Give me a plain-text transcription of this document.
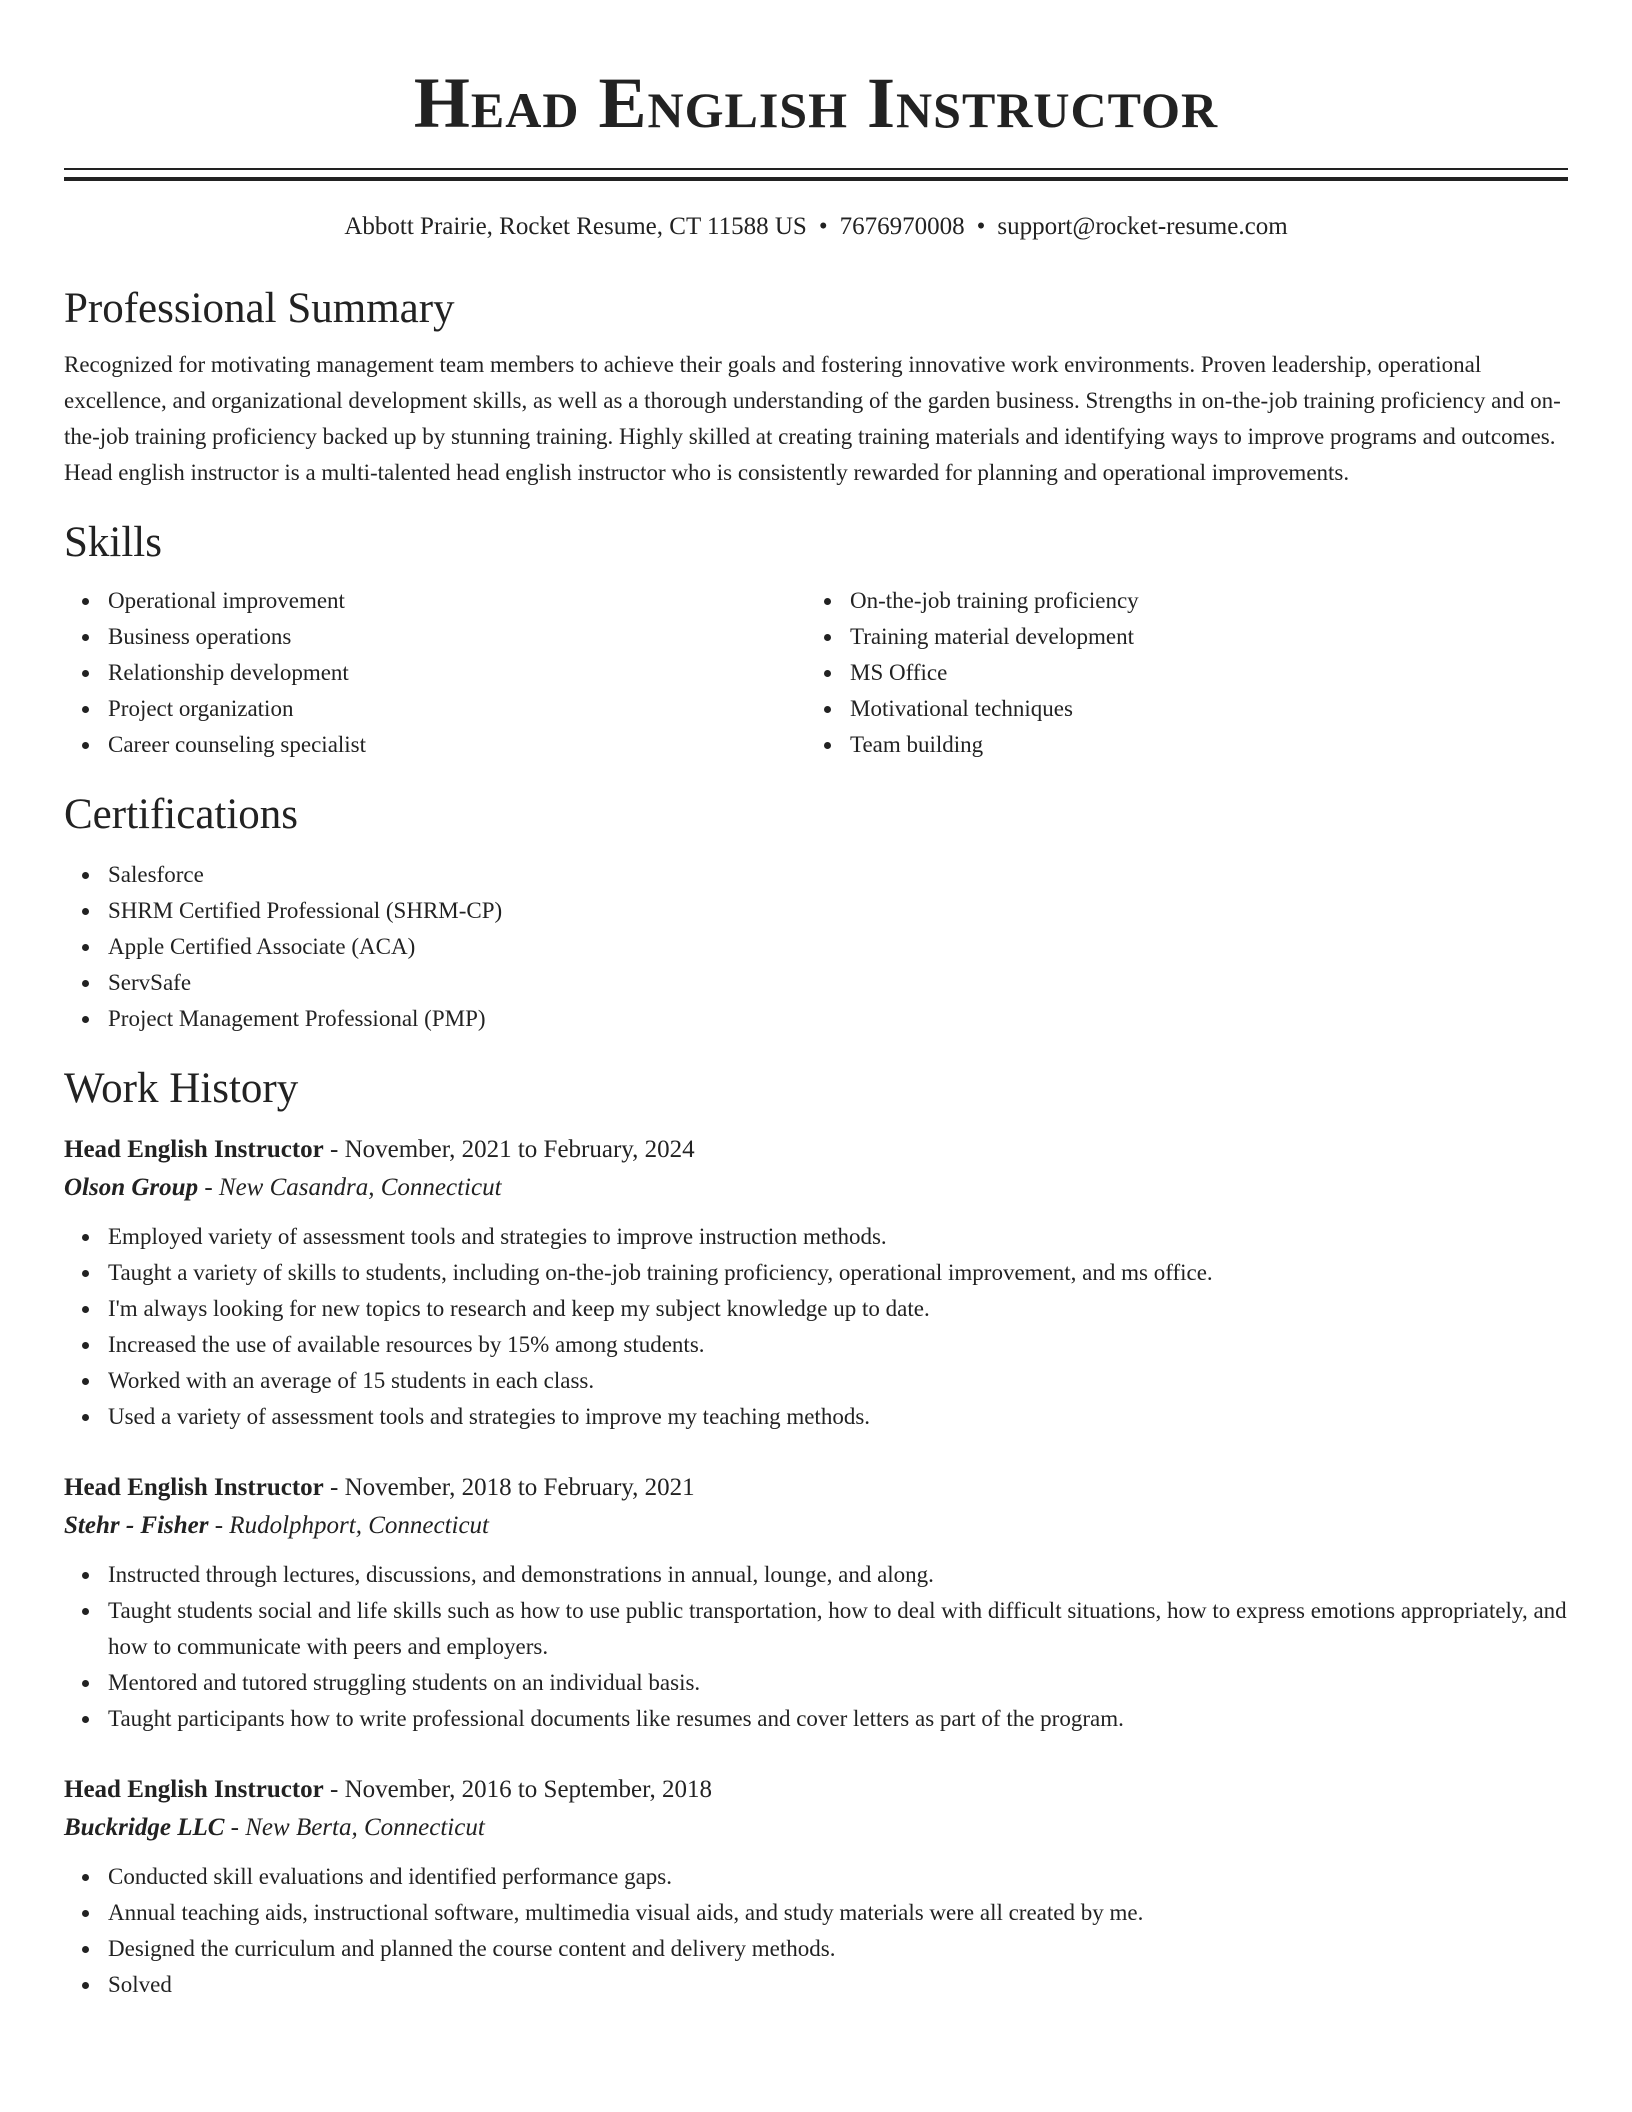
Head English Instructor
Abbott Prairie, Rocket Resume, CT 11588 US • 7676970008 • support@rocket-resume.com
Professional Summary
Recognized for motivating management team members to achieve their goals and fostering innovative work environments. Proven leadership, operational excellence, and organizational development skills, as well as a thorough understanding of the garden business. Strengths in on-the-job training proficiency and on-the-job training proficiency backed up by stunning training. Highly skilled at creating training materials and identifying ways to improve programs and outcomes. Head english instructor is a multi-talented head english instructor who is consistently rewarded for planning and operational improvements.
Skills
Operational improvement
Business operations
Relationship development
Project organization
Career counseling specialist
On-the-job training proficiency
Training material development
MS Office
Motivational techniques
Team building
Certifications
Salesforce
SHRM Certified Professional (SHRM-CP)
Apple Certified Associate (ACA)
ServSafe
Project Management Professional (PMP)
Work History
Head English Instructor - November, 2021 to February, 2024
Olson Group - New Casandra, Connecticut
Employed variety of assessment tools and strategies to improve instruction methods.
Taught a variety of skills to students, including on-the-job training proficiency, operational improvement, and ms office.
I'm always looking for new topics to research and keep my subject knowledge up to date.
Increased the use of available resources by 15% among students.
Worked with an average of 15 students in each class.
Used a variety of assessment tools and strategies to improve my teaching methods.
Head English Instructor - November, 2018 to February, 2021
Stehr - Fisher - Rudolphport, Connecticut
Instructed through lectures, discussions, and demonstrations in annual, lounge, and along.
Taught students social and life skills such as how to use public transportation, how to deal with difficult situations, how to express emotions appropriately, and how to communicate with peers and employers.
Mentored and tutored struggling students on an individual basis.
Taught participants how to write professional documents like resumes and cover letters as part of the program.
Head English Instructor - November, 2016 to September, 2018
Buckridge LLC - New Berta, Connecticut
Conducted skill evaluations and identified performance gaps.
Annual teaching aids, instructional software, multimedia visual aids, and study materials were all created by me.
Designed the curriculum and planned the course content and delivery methods.
Solved
